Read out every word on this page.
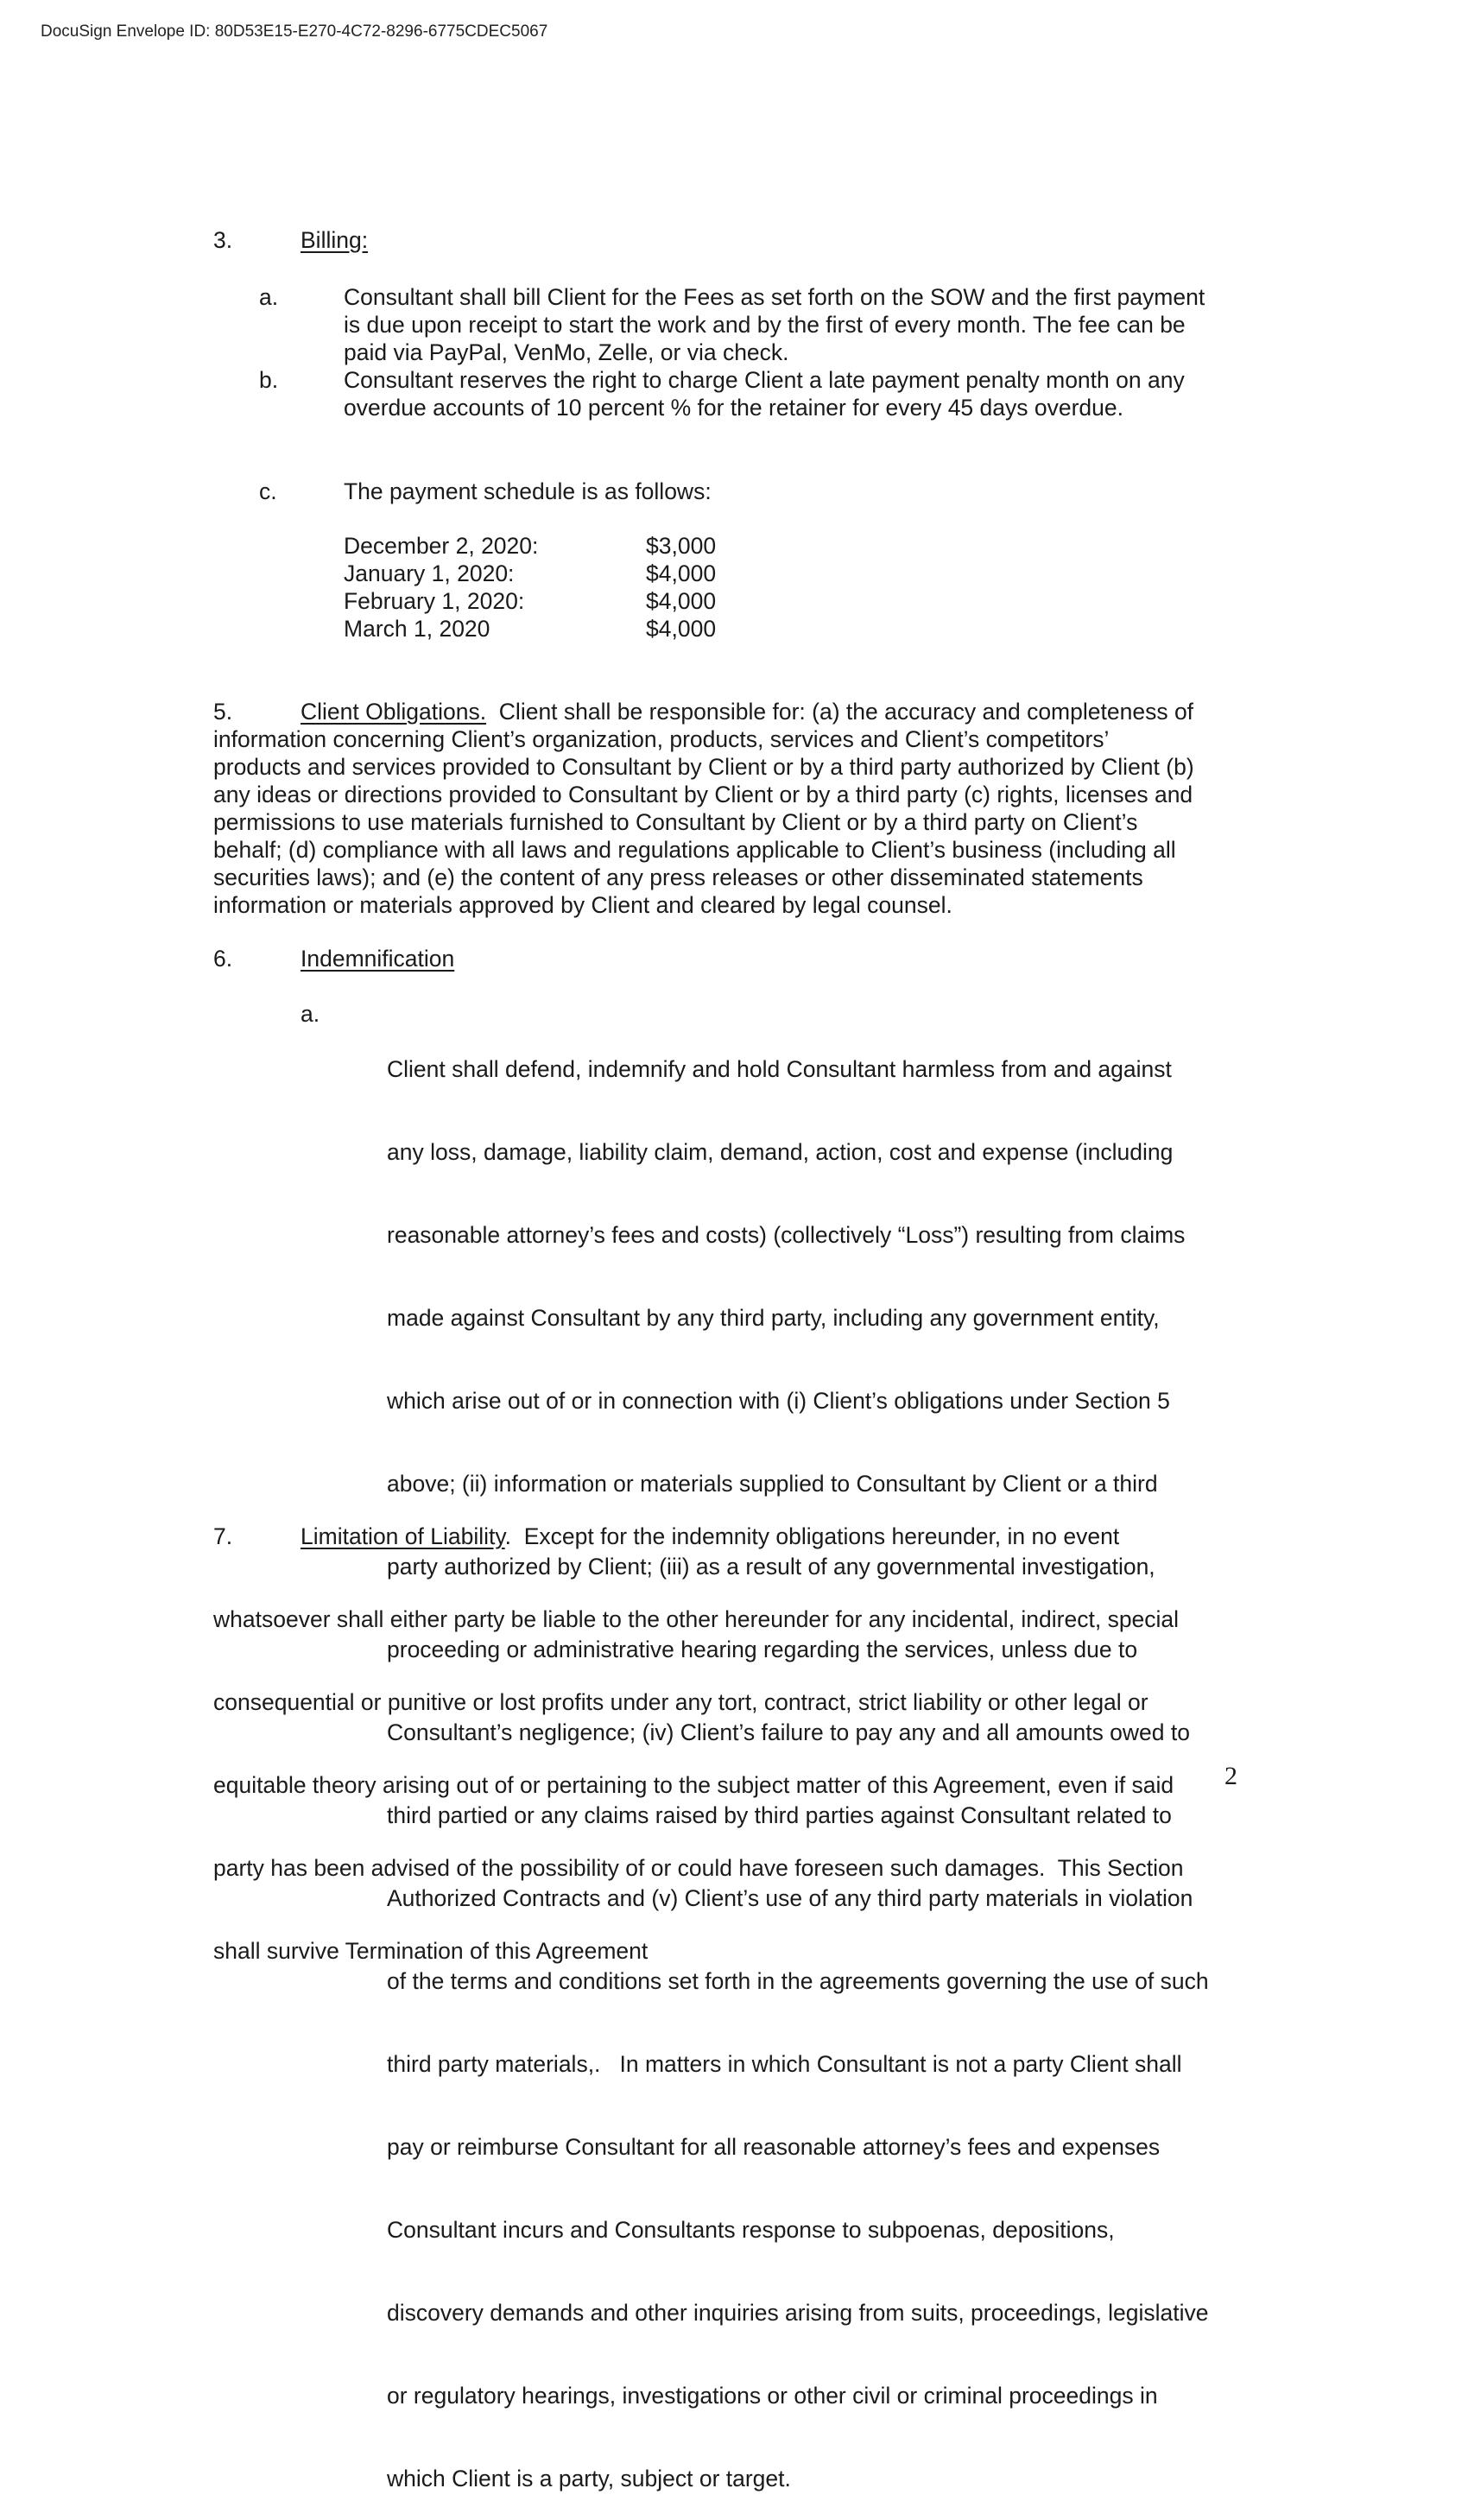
DocuSign Envelope ID: 80D53E15-E270-4C72-8296-6775CDEC5067
3.	Billing:
a.	Consultant shall bill Client for the Fees as set forth on the SOW and the first payment
is due upon receipt to start the work and by the first of every month. The fee can be
paid via PayPal, VenMo, Zelle, or via check.
b.	Consultant reserves the right to charge Client a late payment penalty month on any
overdue accounts of 10 percent % for the retainer for every 45 days overdue.
c.	The payment schedule is as follows:
December 2, 2020:	$3,000
January 1, 2020:	$4,000
February 1, 2020:	$4,000
March 1, 2020	$4,000
5.	Client Obligations.  Client shall be responsible for: (a) the accuracy and completeness of
information concerning Client’s organization, products, services and Client’s competitors’
products and services provided to Consultant by Client or by a third party authorized by Client (b)
any ideas or directions provided to Consultant by Client or by a third party (c) rights, licenses and
permissions to use materials furnished to Consultant by Client or by a third party on Client’s
behalf; (d) compliance with all laws and regulations applicable to Client’s business (including all
securities laws); and (e) the content of any press releases or other disseminated statements
information or materials approved by Client and cleared by legal counsel.
6.	Indemnification
a.

Client shall defend, indemnify and hold Consultant harmless from and against

any loss, damage, liability claim, demand, action, cost and expense (including

reasonable attorney’s fees and costs) (collectively “Loss”) resulting from claims

made against Consultant by any third party, including any government entity,

which arise out of or in connection with (i) Client’s obligations under Section 5

above; (ii) information or materials supplied to Consultant by Client or a third

party authorized by Client; (iii) as a result of any governmental investigation,

proceeding or administrative hearing regarding the services, unless due to

Consultant’s negligence; (iv) Client’s failure to pay any and all amounts owed to

third partied or any claims raised by third parties against Consultant related to

Authorized Contracts and (v) Client’s use of any third party materials in violation

of the terms and conditions set forth in the agreements governing the use of such

third party materials,.   In matters in which Consultant is not a party Client shall

pay or reimburse Consultant for all reasonable attorney’s fees and expenses

Consultant incurs and Consultants response to subpoenas, depositions,

discovery demands and other inquiries arising from suits, proceedings, legislative

or regulatory hearings, investigations or other civil or criminal proceedings in

which Client is a party, subject or target.

7.	Limitation of Liability.  Except for the indemnity obligations hereunder, in no event

whatsoever shall either party be liable to the other hereunder for any incidental, indirect, special

consequential or punitive or lost profits under any tort, contract, strict liability or other legal or

equitable theory arising out of or pertaining to the subject matter of this Agreement, even if said

party has been advised of the possibility of or could have foreseen such damages.  This Section

shall survive Termination of this Agreement

2
